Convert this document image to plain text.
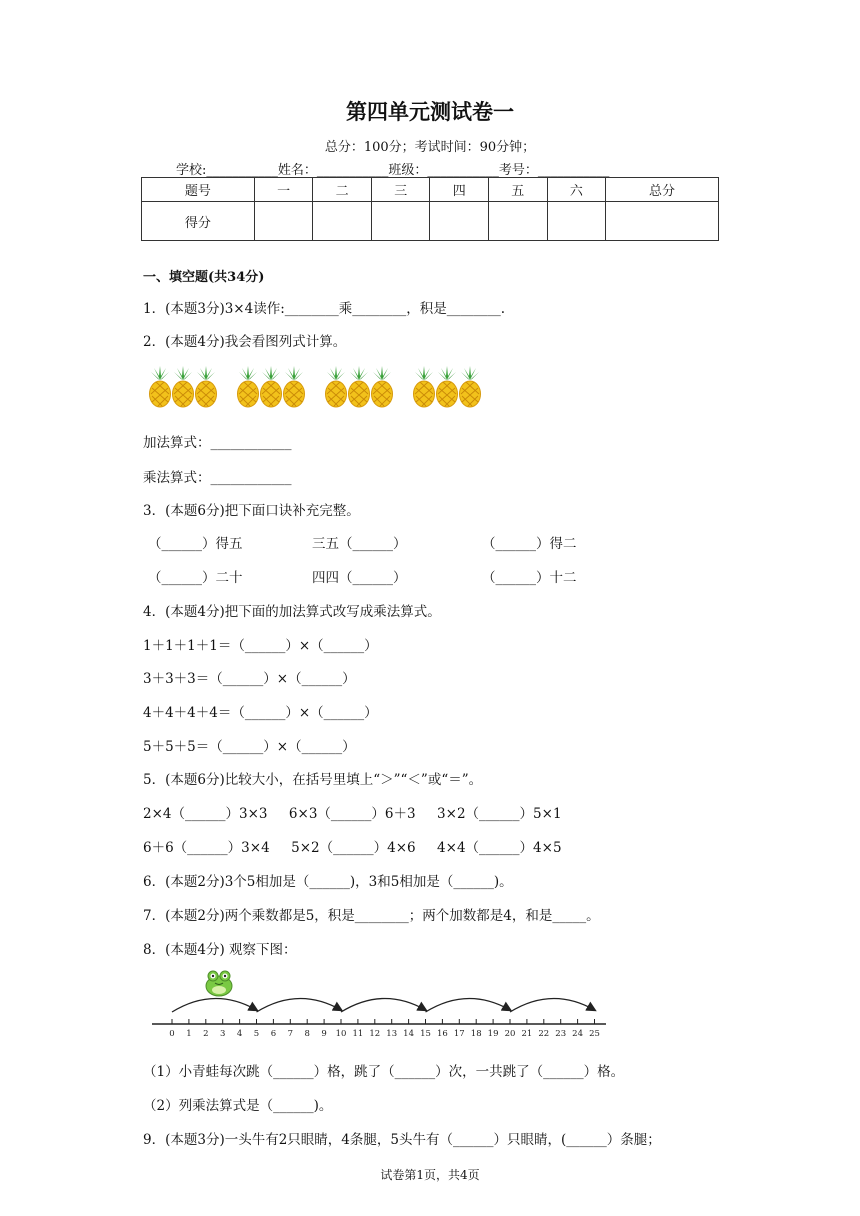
第四单元测试卷一
总分：100分；考试时间：90分钟；
学校:___________姓名：___________班级：___________考号：___________
题号	一	二	三	四	五	六	总分
得分							
一、填空题(共34分)
1．(本题3分)3×4读作:________乘________，积是________.
2．(本题4分)我会看图列式计算。
加法算式：____________
乘法算式：____________
3．(本题6分)把下面口诀补充完整。
（______）得五	三五（______）	（______）得二
（______）二十	四四（______）	（______）十二
4．(本题4分)把下面的加法算式改写成乘法算式。
1＋1＋1＋1＝（______）×（______）
3＋3＋3＝（______）×（______）
4＋4＋4＋4＝（______）×（______）
5＋5＋5＝（______）×（______）
5．(本题6分)比较大小，在括号里填上“＞”“＜”或“＝”。
2×4（______）3×3     6×3（______）6＋3     3×2（______）5×1
6＋6（______）3×4     5×2（______）4×6     4×4（______）4×5
6．(本题2分)3个5相加是（______)，3和5相加是（______)。
7．(本题2分)两个乘数都是5，积是________；两个加数都是4，和是_____。
8．(本题4分) 观察下图：
0 1 2 3 4 5 6 7 8 9 10 11 12 13 14 15 16 17 18 19 20 21 22 23 24 25
（1）小青蛙每次跳（______）格，跳了（______）次，一共跳了（______）格。
（2）列乘法算式是（______)。
9．(本题3分)一头牛有2只眼睛，4条腿，5头牛有（______）只眼睛，(______）条腿；
试卷第1页，共4页
